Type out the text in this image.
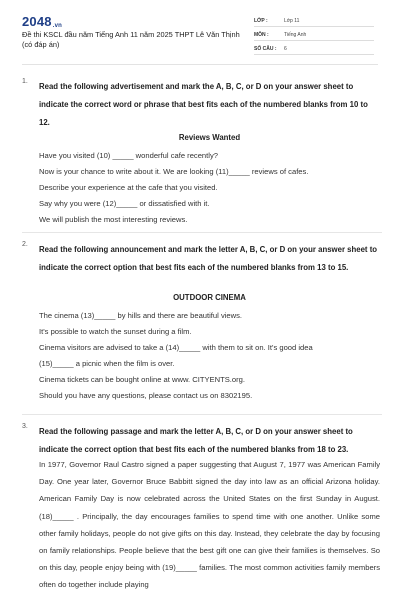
2048.vn
Đề thi KSCL đầu năm Tiếng Anh 11 năm 2025 THPT Lê Văn Thịnh (có đáp án)
LỚP :	Lớp 11
MÔN :	Tiếng Anh
SỐ CÂU : 6
1.
Read the following advertisement and mark the A, B, C, or D on your answer sheet to indicate the correct word or phrase that best fits each of the numbered blanks from 10 to 12.
Reviews Wanted
Have you visited (10) _____ wonderful cafe recently?
Now is your chance to write about it. We are looking (11)_____ reviews of cafes.
Describe your experience at the cafe that you visited.
Say why you were (12)_____ or dissatisfied with it.
We will publish the most interesting reviews.
2.
Read the following announcement and mark the letter A, B, C, or D on your answer sheet to indicate the correct option that best fits each of the numbered blanks from 13 to 15.
OUTDOOR CINEMA
The cinema (13)_____ by hills and there are beautiful views.
It's possible to watch the sunset during a film.
Cinema visitors are advised to take a (14)_____ with them to sit on. It's good idea
(15)_____ a picnic when the film is over.
Cinema tickets can be bought online at www. CITYENTS.org.
Should you have any questions, please contact us on 8302195.
3.
Read the following passage and mark the letter A, B, C, or D on your answer sheet to indicate the correct option that best fits each of the numbered blanks from 18 to 23.
In 1977, Governor Raul Castro signed a paper suggesting that August 7, 1977 was American Family Day. One year later, Governor Bruce Babbitt signed the day into law as an official Arizona holiday. American Family Day is now celebrated across the United States on the first Sunday in August. (18)_____ . Principally, the day encourages families to spend time with one another. Unlike some other family holidays, people do not give gifts on this day. Instead, they celebrate the day by focusing on family relationships. People believe that the best gift one can give their families is themselves. So on this day, people enjoy being with (19)_____ families. The most common activities family members often do together include playing
